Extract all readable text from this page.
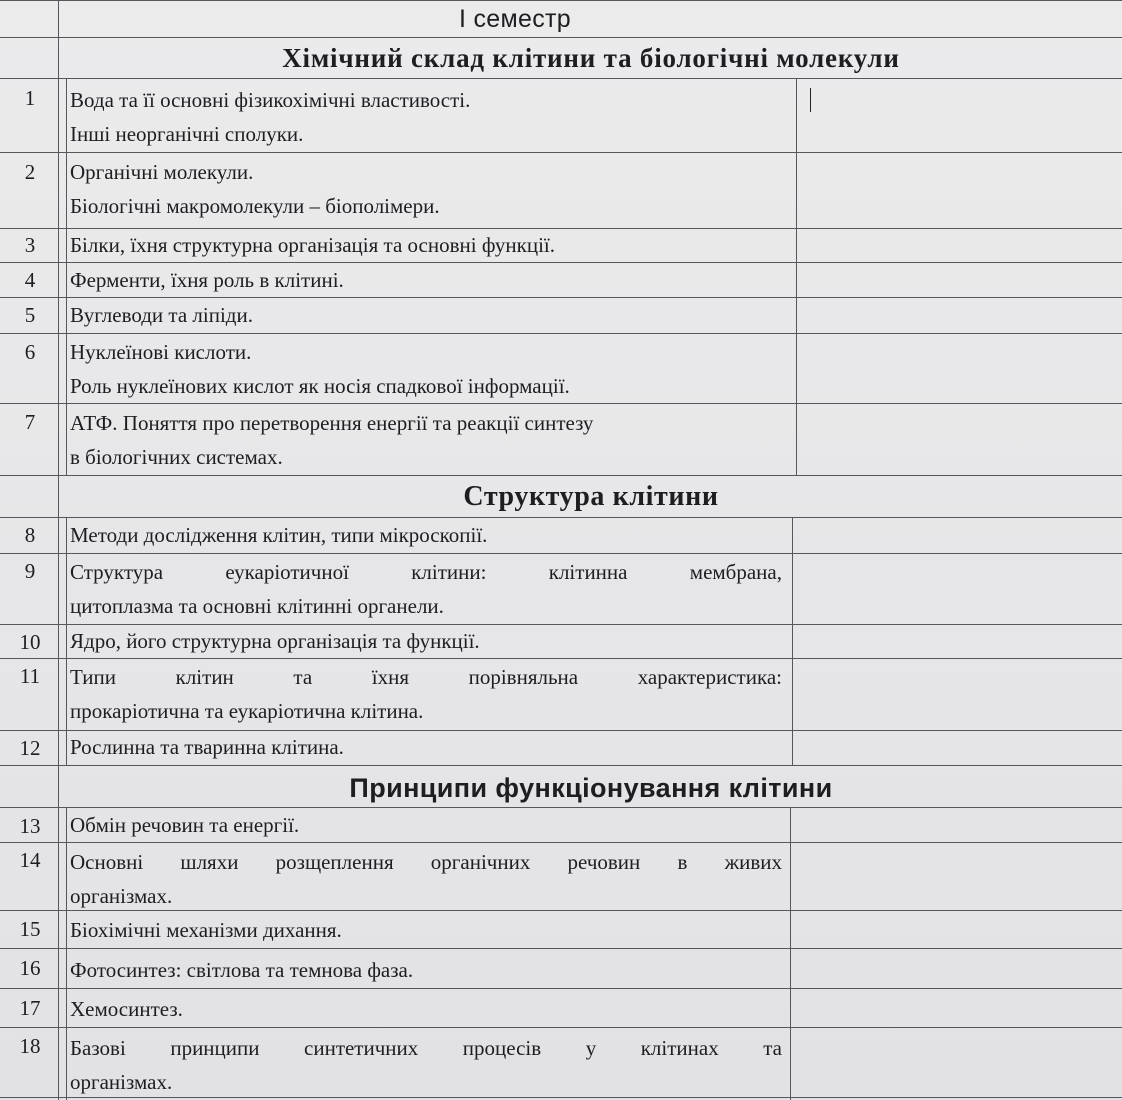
І семестр
Хімічний склад клітини та біологічні молекули
1	Вода та її основні фізикохімічні властивості.
Інші неорганічні сполуки.
2	Органічні молекули.
Біологічні макромолекули – біополімери.
3	Білки, їхня структурна організація та основні функції.
4	Ферменти, їхня роль в клітині.
5	Вуглеводи та ліпіди.
6	Нуклеїнові кислоти.
Роль нуклеїнових кислот як носія спадкової інформації.
7	АТФ. Поняття про перетворення енергії та реакції синтезу
в біологічних системах.
Структура клітини
8	Методи дослідження клітин, типи мікроскопії.
9	Структура еукаріотичної клітини: клітинна мембрана,
цитоплазма та основні клітинні органели.
10	Ядро, його структурна організація та функції.
11	Типи клітин та їхня порівняльна характеристика:
прокаріотична та еукаріотична клітина.
12	Рослинна та тваринна клітина.
Принципи функціонування клітини
13	Обмін речовин та енергії.
14	Основні шляхи розщеплення органічних речовин в живих
організмах.
15	Біохімічні механізми дихання.
16	Фотосинтез: світлова та темнова фаза.
17	Хемосинтез.
18	Базові принципи синтетичних процесів у клітинах та
організмах.
